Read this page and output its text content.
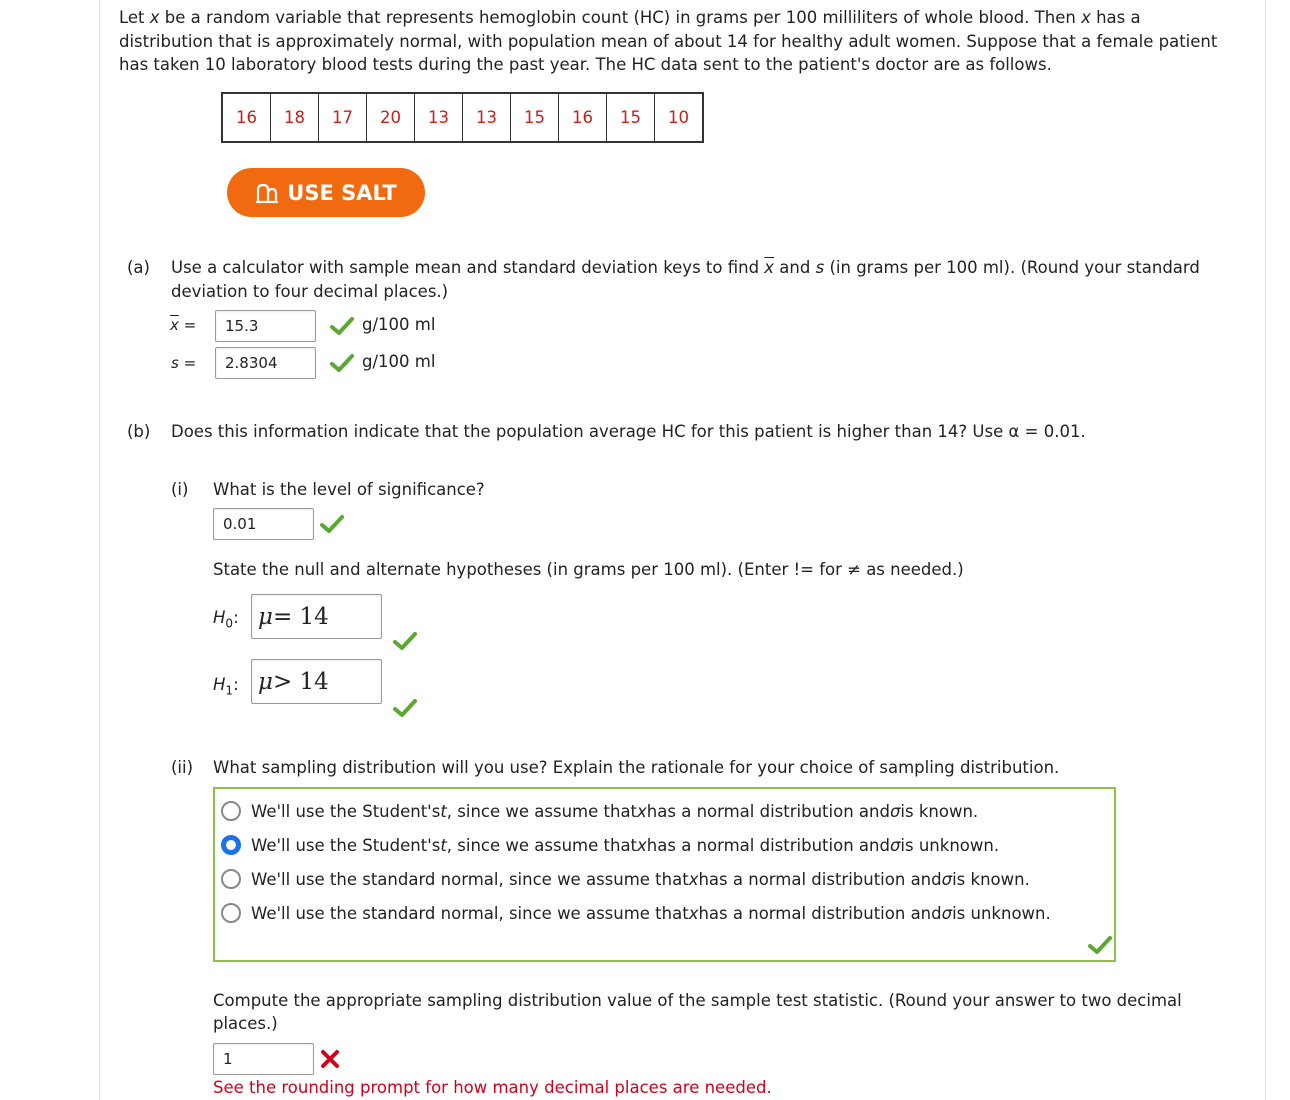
Let x be a random variable that represents hemoglobin count (HC) in grams per 100 milliliters of whole blood. Then x has a distribution that is approximately normal, with population mean of about 14 for healthy adult women. Suppose that a female patient has taken 10 laboratory blood tests during the past year. The HC data sent to the patient's doctor are as follows.
16	18	17	20	13	13	15	16	15	10
USE SALT
(a) Use a calculator with sample mean and standard deviation keys to find $\overline{x}$ and s (in grams per 100 ml). (Round your standard
deviation to four decimal places.)
$\overline{x}$ =	15.3	g/100 ml
s =	2.8304	g/100 ml
(b) Does this information indicate that the population average HC for this patient is higher than 14? Use α = 0.01.
(i) What is the level of significance?
0.01
State the null and alternate hypotheses (in grams per 100 ml). (Enter != for ≠ as needed.)
$H_0$: μ = 14
$H_1$: μ > 14
(ii) What sampling distribution will you use? Explain the rationale for your choice of sampling distribution.
We'll use the Student's t , since we assume that x has a normal distribution and σ is known.
We'll use the Student's t , since we assume that x has a normal distribution and σ is unknown.
We'll use the standard normal, since we assume that x has a normal distribution and σ is known.
We'll use the standard normal, since we assume that x has a normal distribution and σ is unknown.
Compute the appropriate sampling distribution value of the sample test statistic. (Round your answer to two decimal
places.)
1
See the rounding prompt for how many decimal places are needed.
